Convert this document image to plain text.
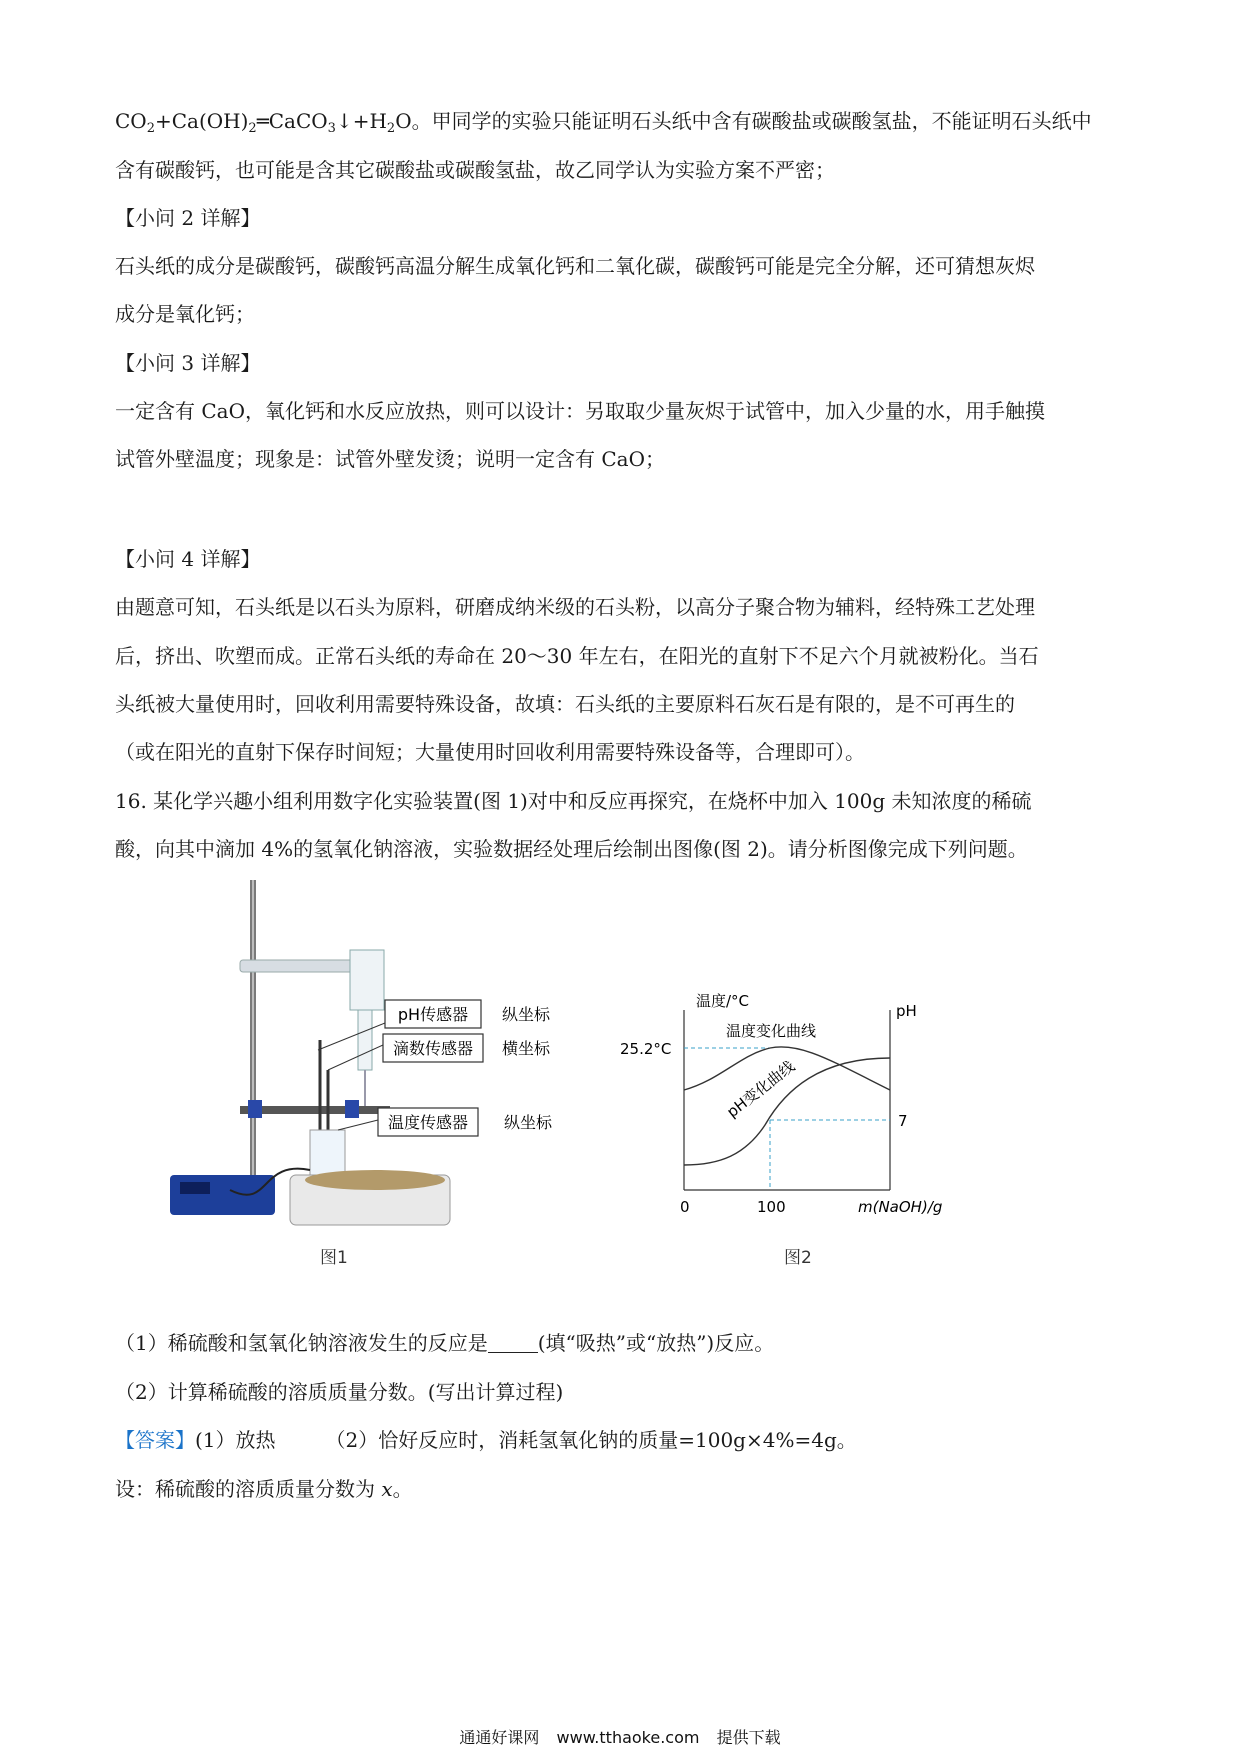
$CO_2+Ca(OH)_2═CaCO_3↓+H_2O$。甲同学的实验只能证明石头纸中含有碳酸盐或碳酸氢盐，不能证明石头纸中
含有碳酸钙，也可能是含其它碳酸盐或碳酸氢盐，故乙同学认为实验方案不严密；
【小问 2 详解】
石头纸的成分是碳酸钙，碳酸钙高温分解生成氧化钙和二氧化碳，碳酸钙可能是完全分解，还可猜想灰烬
成分是氧化钙；
【小问 3 详解】
一定含有 CaO，氧化钙和水反应放热，则可以设计：另取取少量灰烬于试管中，加入少量的水，用手触摸
试管外壁温度；现象是：试管外壁发烫；说明一定含有 CaO；
【小问 4 详解】
由题意可知，石头纸是以石头为原料，研磨成纳米级的石头粉，以高分子聚合物为辅料，经特殊工艺处理
后，挤出、吹塑而成。正常石头纸的寿命在 20～30 年左右，在阳光的直射下不足六个月就被粉化。当石
头纸被大量使用时，回收利用需要特殊设备，故填：石头纸的主要原料石灰石是有限的，是不可再生的
（或在阳光的直射下保存时间短；大量使用时回收利用需要特殊设备等，合理即可）。
16. 某化学兴趣小组利用数字化实验装置(图 1)对中和反应再探究，在烧杯中加入 100g 未知浓度的稀硫
酸，向其中滴加 4%的氢氧化钠溶液，实验数据经处理后绘制出图像(图 2)。请分析图像完成下列问题。
pH传感器 纵坐标
滴数传感器 横坐标
温度传感器 纵坐标
图1
温度/°C
pH
25.2°C
7
温度变化曲线
pH变化曲线
0	100	m(NaOH)/g
图2
（1）稀硫酸和氢氧化钠溶液发生的反应是	(填“吸热”或“放热”)反应。
（2）计算稀硫酸的溶质质量分数。(写出计算过程)
【答案】(1）放热	（2）恰好反应时，消耗氢氧化钠的质量=100g×4%=4g。
设：稀硫酸的溶质质量分数为 x。
通通好课网 www.tthaoke.com 提供下载
